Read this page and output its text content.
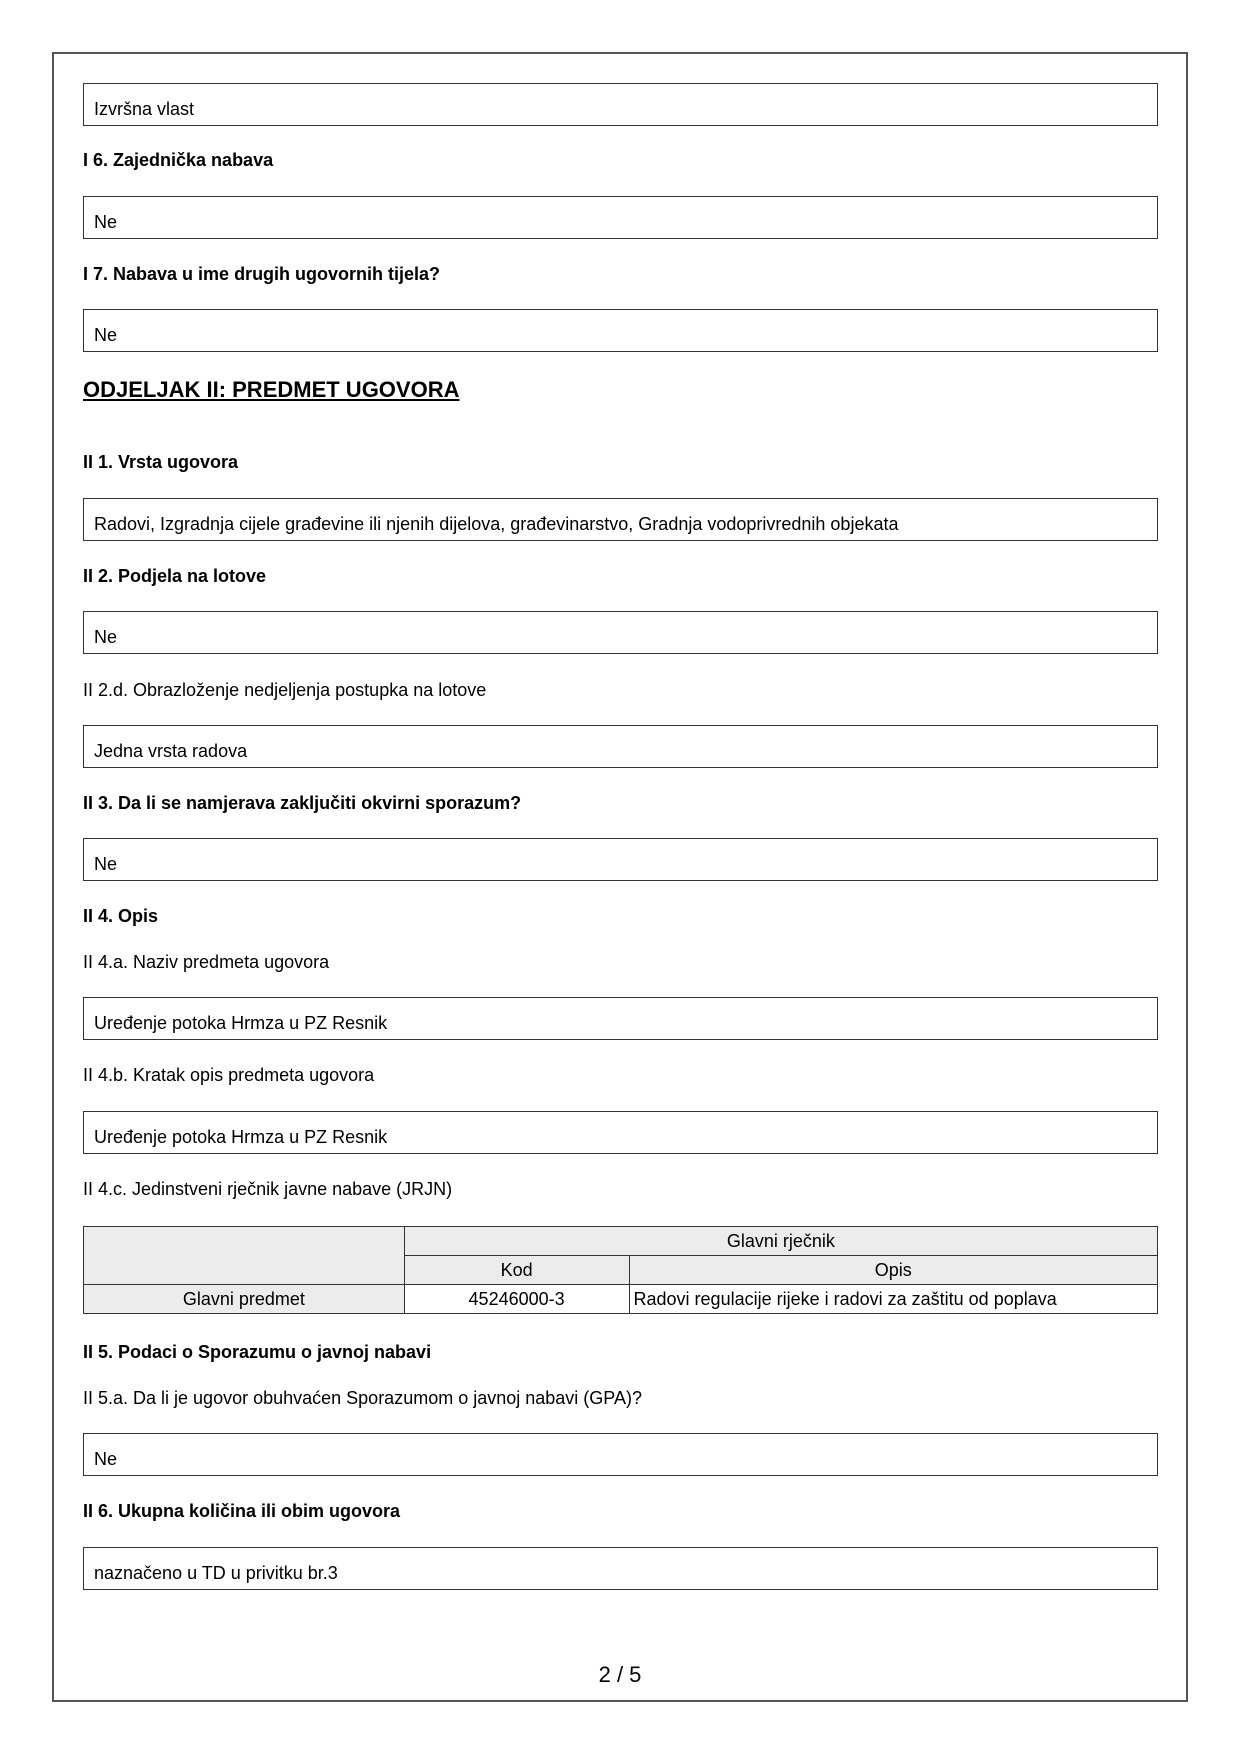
Izvršna vlast
I 6. Zajednička nabava
Ne
I 7. Nabava u ime drugih ugovornih tijela?
Ne
ODJELJAK II: PREDMET UGOVORA
II 1. Vrsta ugovora
Radovi, Izgradnja cijele građevine ili njenih dijelova, građevinarstvo, Gradnja vodoprivrednih objekata
II 2. Podjela na lotove
Ne
II 2.d. Obrazloženje nedjeljenja postupka na lotove
Jedna vrsta radova
II 3. Da li se namjerava zaključiti okvirni sporazum?
Ne
II 4. Opis
II 4.a. Naziv predmeta ugovora
Uređenje potoka Hrmza u PZ Resnik
II 4.b. Kratak opis predmeta ugovora
Uređenje potoka Hrmza u PZ Resnik
II 4.c. Jedinstveni rječnik javne nabave (JRJN)
	Glavni rječnik	
	Kod	Opis
Glavni predmet	45246000-3	Radovi regulacije rijeke i radovi za zaštitu od poplava
II 5. Podaci o Sporazumu o javnoj nabavi
II 5.a. Da li je ugovor obuhvaćen Sporazumom o javnoj nabavi (GPA)?
Ne
II 6. Ukupna količina ili obim ugovora
naznačeno u TD u privitku br.3
2 / 5
